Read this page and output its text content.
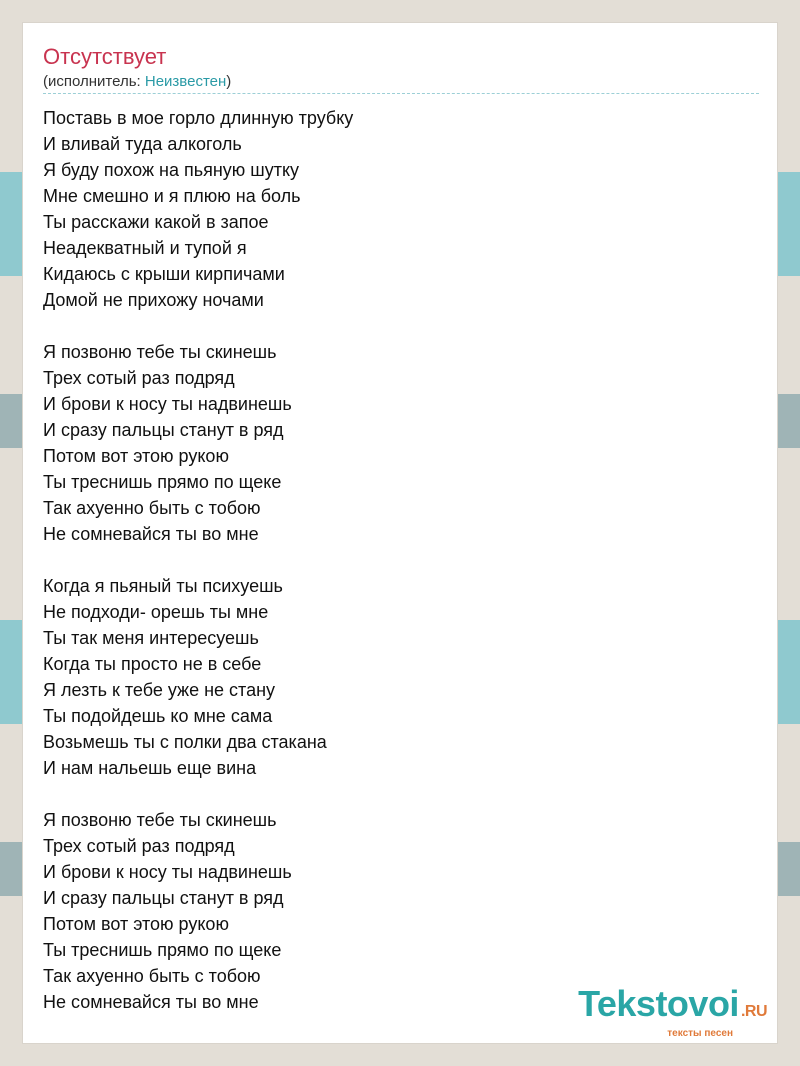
Отсутствует
(исполнитель: Неизвестен)
Поставь в мое горло длинную трубку
И вливай туда алкоголь
Я буду похож на пьяную шутку
Мне смешно и я плюю на боль
Ты расскажи какой в запое
Неадекватный и тупой я
Кидаюсь с крыши кирпичами
Домой не прихожу ночами
Я позвоню тебе ты скинешь
Трех сотый раз подряд
И брови к носу ты надвинешь
И сразу пальцы станут в ряд
Потом вот этою рукою
Ты треснишь прямо по щеке
Так ахуенно быть с тобою
Не сомневайся ты во мне
Когда я пьяный ты психуешь
Не подходи- орешь ты мне
Ты так меня интересуешь
Когда ты просто не в себе
Я лезть к тебе уже не стану
Ты подойдешь ко мне сама
Возьмешь ты с полки два стакана
И нам нальешь еще вина
Я позвоню тебе ты скинешь
Трех сотый раз подряд
И брови к носу ты надвинешь
И сразу пальцы станут в ряд
Потом вот этою рукою
Ты треснишь прямо по щеке
Так ахуенно быть с тобою
Не сомневайся ты во мне	Tekstovoi .RU
тексты песен
